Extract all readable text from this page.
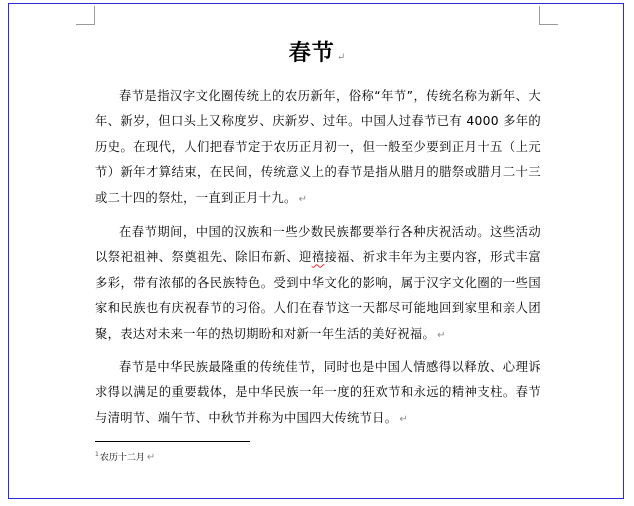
春节 ↵

春节是指汉字文化圈传统上的农历新年，俗称“年节”，传统名称为新年、大年、新岁，但口头上又称度岁、庆新岁、过年。中国人过春节已有 4000 多年的历史。在现代，人们把春节定于农历正月初一，但一般至少要到正月十五（上元节）新年才算结束，在民间，传统意义上的春节是指从腊月的腊祭或腊月二十三或二十四的祭灶，一直到正月十九。 ↵

在春节期间，中国的汉族和一些少数民族都要举行各种庆祝活动。这些活动以祭祀祖神、祭奠祖先、除旧布新、迎禧接福、祈求丰年为主要内容，形式丰富多彩，带有浓郁的各民族特色。受到中华文化的影响，属于汉字文化圈的一些国家和民族也有庆祝春节的习俗。人们在春节这一天都尽可能地回到家里和亲人团聚，表达对未来一年的热切期盼和对新一年生活的美好祝福。 ↵

春节是中华民族最隆重的传统佳节，同时也是中国人情感得以释放、心理诉求得以满足的重要载体，是中华民族一年一度的狂欢节和永远的精神支柱。春节与清明节、端午节、中秋节并称为中国四大传统节日。 ↵

$^1$农历十二月 ↵
